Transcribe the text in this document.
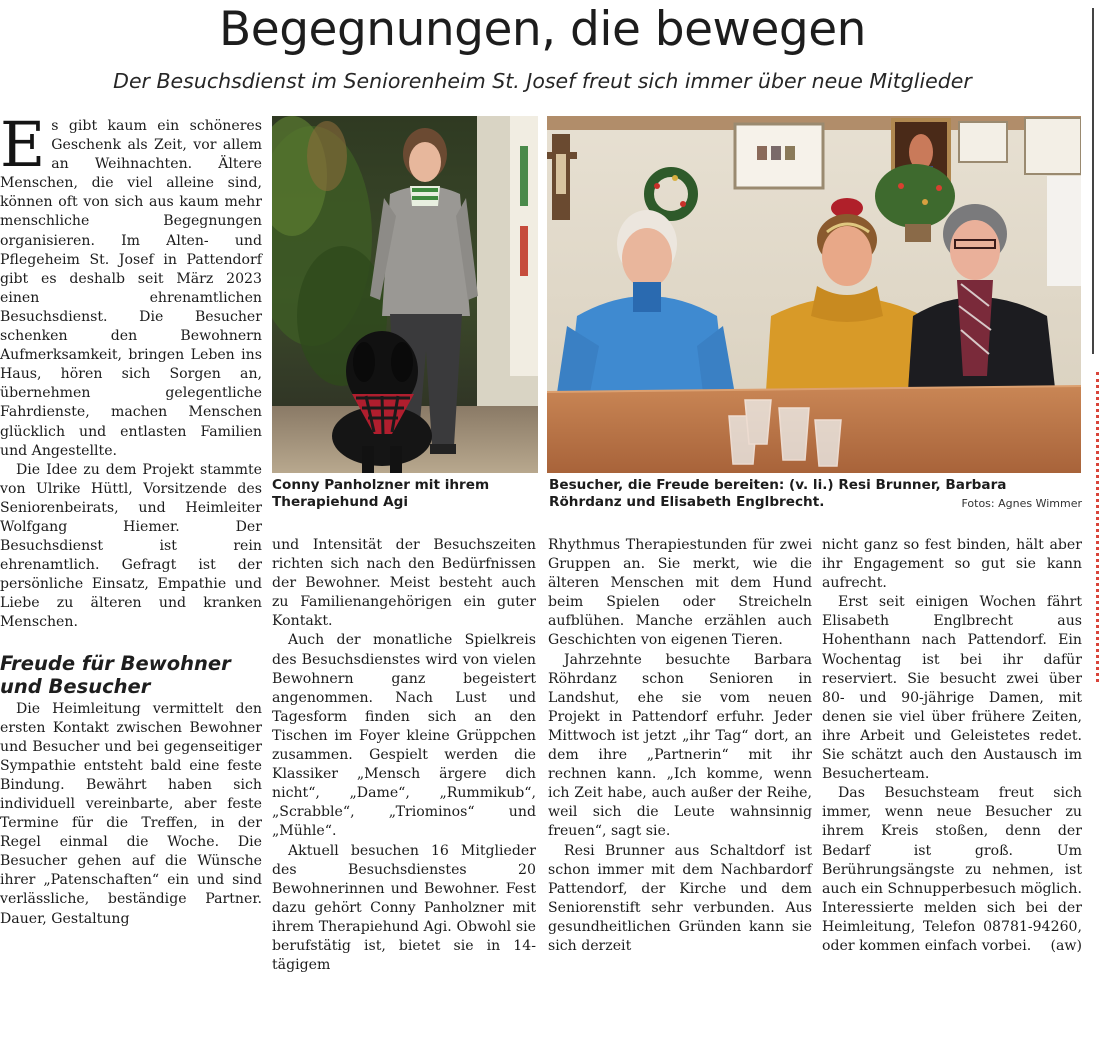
Begegnungen, die bewegen
Der Besuchsdienst im Seniorenheim St. Josef freut sich immer über neue Mitglieder

Es gibt kaum ein schöneres Geschenk als Zeit, vor allem an Weihnachten. Ältere Menschen, die viel alleine sind, können oft von sich aus kaum mehr menschliche Begegnungen organisieren. Im Alten- und Pflegeheim St. Josef in Pattendorf gibt es deshalb seit März 2023 einen ehrenamtlichen Besuchsdienst. Die Besucher schenken den Bewohnern Aufmerksamkeit, bringen Leben ins Haus, hören sich Sorgen an, übernehmen gelegentliche Fahrdienste, machen Menschen glücklich und entlasten Familien und Angestellte.

Die Idee zu dem Projekt stammte von Ulrike Hüttl, Vorsitzende des Seniorenbeirats, und Heimleiter Wolfgang Hiemer. Der Besuchsdienst ist rein ehrenamtlich. Gefragt ist der persönliche Einsatz, Empathie und Liebe zu älteren und kranken Menschen.

Freude für Bewohner und Besucher

Die Heimleitung vermittelt den ersten Kontakt zwischen Bewohner und Besucher und bei gegenseitiger Sympathie entsteht bald eine feste Bindung. Bewährt haben sich individuell vereinbarte, aber feste Termine für die Treffen, in der Regel einmal die Woche. Die Besucher gehen auf die Wünsche ihrer „Patenschaften“ ein und sind verlässliche, beständige Partner. Dauer, Gestaltung

Conny Panholzner mit ihrem Therapiehund Agi
Besucher, die Freude bereiten: (v. li.) Resi Brunner, Barbara Röhrdanz und Elisabeth Englbrecht.	Fotos: Agnes Wimmer

und Intensität der Besuchszeiten richten sich nach den Bedürfnissen der Bewohner. Meist besteht auch zu Familienangehörigen ein guter Kontakt.

Auch der monatliche Spielkreis des Besuchsdienstes wird von vielen Bewohnern ganz begeistert angenommen. Nach Lust und Tagesform finden sich an den Tischen im Foyer kleine Grüppchen zusammen. Gespielt werden die Klassiker „Mensch ärgere dich nicht“, „Dame“, „Rummikub“, „Scrabble“, „Triominos“ und „Mühle“.

Aktuell besuchen 16 Mitglieder des Besuchsdienstes 20 Bewohnerinnen und Bewohner. Fest dazu gehört Conny Panholzner mit ihrem Therapiehund Agi. Obwohl sie berufstätig ist, bietet sie in 14-tägigem

Rhythmus Therapiestunden für zwei Gruppen an. Sie merkt, wie die älteren Menschen mit dem Hund beim Spielen oder Streicheln aufblühen. Manche erzählen auch Geschichten von eigenen Tieren.

Jahrzehnte besuchte Barbara Röhrdanz schon Senioren in Landshut, ehe sie vom neuen Projekt in Pattendorf erfuhr. Jeder Mittwoch ist jetzt „ihr Tag“ dort, an dem ihre „Partnerin“ mit ihr rechnen kann. „Ich komme, wenn ich Zeit habe, auch außer der Reihe, weil sich die Leute wahnsinnig freuen“, sagt sie.

Resi Brunner aus Schaltdorf ist schon immer mit dem Nachbardorf Pattendorf, der Kirche und dem Seniorenstift sehr verbunden. Aus gesundheitlichen Gründen kann sie sich derzeit

nicht ganz so fest binden, hält aber ihr Engagement so gut sie kann aufrecht.

Erst seit einigen Wochen fährt Elisabeth Englbrecht aus Hohenthann nach Pattendorf. Ein Wochentag ist bei ihr dafür reserviert. Sie besucht zwei über 80- und 90-jährige Damen, mit denen sie viel über frühere Zeiten, ihre Arbeit und Geleistetes redet. Sie schätzt auch den Austausch im Besucherteam.

Das Besuchsteam freut sich immer, wenn neue Besucher zu ihrem Kreis stoßen, denn der Bedarf ist groß. Um Berührungsängste zu nehmen, ist auch ein Schnupperbesuch möglich. Interessierte melden sich bei der Heimleitung, Telefon 08781-94260, oder kommen einfach vorbei.	(aw)
